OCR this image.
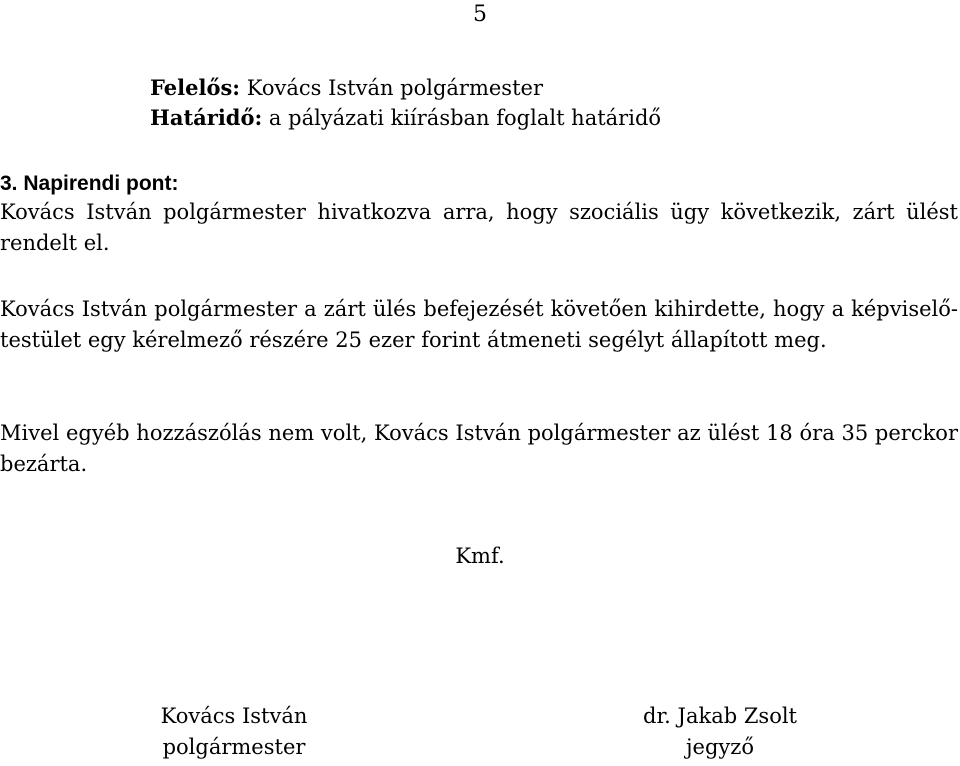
5
Felelős: Kovács István polgármester
Határidő: a pályázati kiírásban foglalt határidő
3. Napirendi pont:
Kovács István polgármester hivatkozva arra, hogy szociális ügy következik, zárt ülést rendelt el.
Kovács István polgármester a zárt ülés befejezését követően kihirdette, hogy a képviselő-testület egy kérelmező részére 25 ezer forint átmeneti segélyt állapított meg.
Mivel egyéb hozzászólás nem volt, Kovács István polgármester az ülést 18 óra 35 perckor bezárta.
Kmf.
Kovács István
polgármester
dr. Jakab Zsolt
jegyző
